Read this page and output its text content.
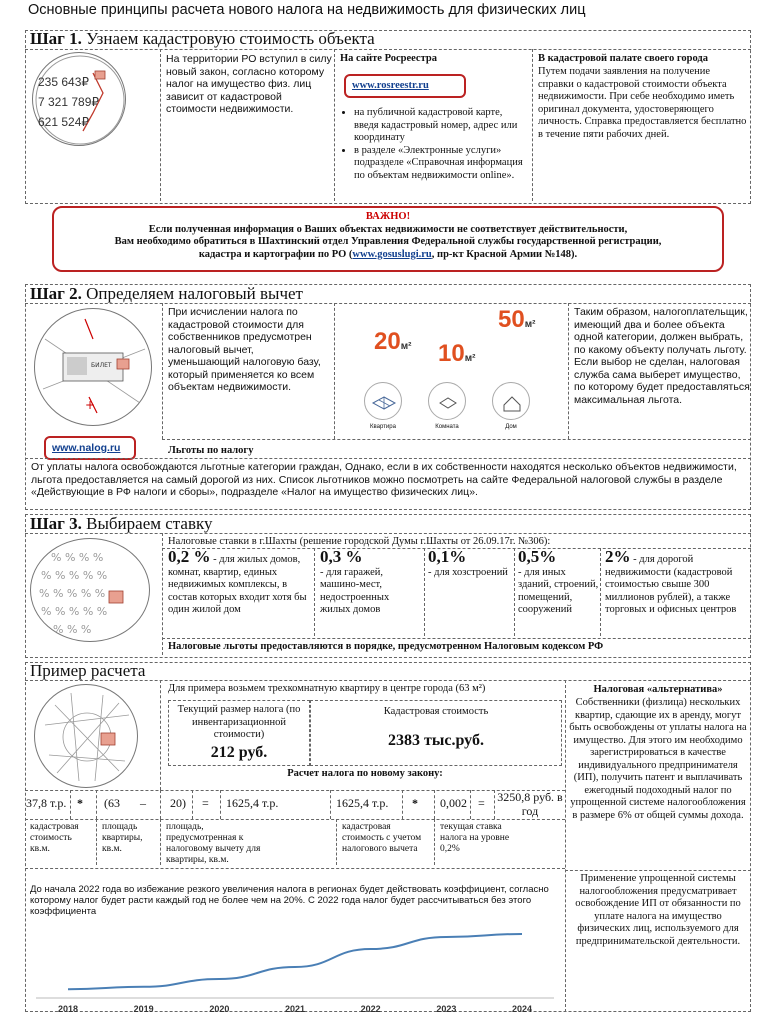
Основные принципы расчета нового налога на недвижимость для физических лиц
Шаг 1. Узнаем кадастровую стоимость объекта
235 643₽
7 321 789₽
621 524₽
На территории РО вступил в силу новый закон, согласно которому налог на имущество физ. лиц зависит от кадастровой стоимости недвижимости.
На сайте Росреестра
www.rosreestr.ru
• на публичной кадастровой карте, введя кадастровый номер, адрес или координату
• в разделе «Электронные услуги» подразделе «Справочная информация по объектам недвижимости online».
В кадастровой палате своего города
Путем подачи заявления на получение справки о кадастровой стоимости объекта недвижимости. При себе необходимо иметь оригинал документа, удостоверяющего личность. Справка предоставляется бесплатно в течение пяти рабочих дней.
ВАЖНО!
Если полученная информация о Ваших объектах недвижимости не соответствует действительности,
Вам необходимо обратиться в Шахтинский отдел Управления Федеральной службы государственной регистрации,
кадастра и картографии по РО (www.gosuslugi.ru, пр-кт Красной Армии №148).
Шаг 2. Определяем налоговый вычет
БИЛЕТ
+
www.nalog.ru
При исчислении налога по кадастровой стоимости для собственников предусмотрен налоговый вычет, уменьшающий налоговую базу, который применяется ко всем объектам недвижимости.
20м² 10м²
50м²
Квартира	Комната	Дом
Таким образом, налогоплательщик, имеющий два и более объекта одной категории, должен выбрать, по какому объекту получать льготу. Если выбор не сделан, налоговая служба сама выберет имущество, по которому будет предоставляться максимальная льгота.
Льготы по налогу
От уплаты налога освобождаются льготные категории граждан, Однако, если в их собственности находятся несколько объектов недвижимости, льгота предоставляется на самый дорогой из них. Список льготников можно посмотреть на сайте Федеральной налоговой службы в разделе «Действующие в РФ налоги и сборы», подразделе «Налог на имущество физических лиц».
Шаг 3. Выбираем ставку
% % % %
% % % % %
% % % % %
% % % % %
% % %
Налоговые ставки в г.Шахты (решение городской Думы г.Шахты от 26.09.17г. №306):
0,2 % - для жилых домов, комнат, квартир, единых недвижимых комплексы, в состав которых входит хотя бы один жилой дом
0,3 %
- для гаражей, машино-мест, недостроенных жилых домов
0,1%
- для хозстроений
0,5%
- для иных зданий, строений, помещений, сооружений
2% - для дорогой недвижимости (кадастровой стоимостью свыше 300 миллионов рублей), а также торговых и офисных центров
Налоговые льготы предоставляются в порядке, предусмотренном Налоговым кодексом РФ
Пример расчета
Для примера возьмем трехкомнатную квартиру в центре города (63 м²)
Текущий размер налога (по инвентаризационной стоимости)
212 руб.
Кадастровая стоимость
2383 тыс.руб.
Расчет налога по новому закону:
37,8 т.р. * (63 – 20) = 1625,4 т.р.	1625,4 т.р. * 0,002 = 3250,8 руб. в год
кадастровая стоимость кв.м.
площадь квартиры, кв.м.
площадь, предусмотренная к налоговому вычету для квартиры, кв.м.
кадастровая стоимость с учетом налогового вычета
текущая ставка налога на уровне 0,2%
Налоговая «альтернатива»
Собственники (физлица) нескольких квартир, сдающие их в аренду, могут быть освобождены от уплаты налога на имущество. Для этого им необходимо зарегистрироваться в качестве индивидуального предпринимателя (ИП), получить патент и выплачивать ежегодный подоходный налог по упрощенной системе налогообложения в размере 6% от общей суммы дохода.
Применение упрощенной системы налогообложения предусматривает освобождение ИП от обязанности по уплате налога на имущество физических лиц, используемого для предпринимательской деятельности.
До начала 2022 года во избежание резкого увеличения налога в регионах будет действовать коэффициент, согласно которому налог будет расти каждый год не более чем на 20%. С 2022 года налог будет рассчитываться без этого коэффициента
2018	2019	2020	2021	2022	2023	2024
